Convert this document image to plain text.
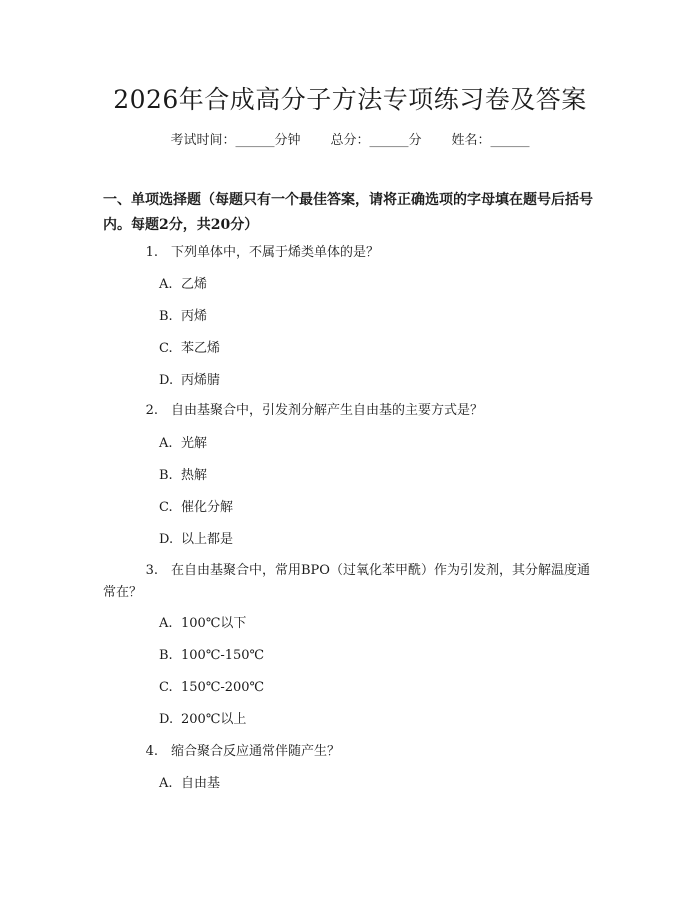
2026年合成高分子方法专项练习卷及答案
考试时间：______分钟 总分：______分 姓名：______
一、单项选择题（每题只有一个最佳答案，请将正确选项的字母填在题号后括号内。每题2分，共20分）
1. 下列单体中，不属于烯类单体的是？
A. 乙烯
B. 丙烯
C. 苯乙烯
D. 丙烯腈
2. 自由基聚合中，引发剂分解产生自由基的主要方式是？
A. 光解
B. 热解
C. 催化分解
D. 以上都是
3. 在自由基聚合中，常用BPO（过氧化苯甲酰）作为引发剂，其分解温度通
常在？
A. 100℃以下
B. 100℃-150℃
C. 150℃-200℃
D. 200℃以上
4. 缩合聚合反应通常伴随产生？
A. 自由基
